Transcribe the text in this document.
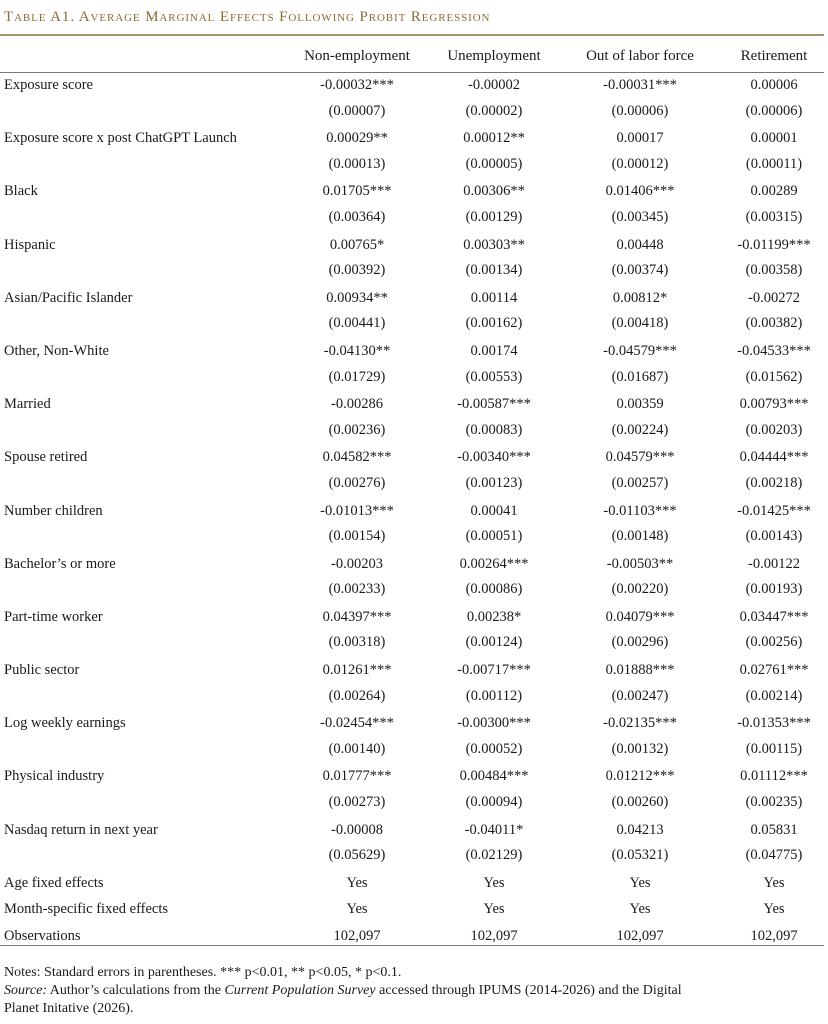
Table A1. Average Marginal Effects Following Probit Regression
Non-employment	Unemployment	Out of labor force	Retirement
Exposure score	-0.00032***	-0.00002	-0.00031***	0.00006
(0.00007)	(0.00002)	(0.00006)	(0.00006)
Exposure score x post ChatGPT Launch	0.00029**	0.00012**	0.00017	0.00001
(0.00013)	(0.00005)	(0.00012)	(0.00011)
Black	0.01705***	0.00306**	0.01406***	0.00289
(0.00364)	(0.00129)	(0.00345)	(0.00315)
Hispanic	0.00765*	0.00303**	0.00448	-0.01199***
(0.00392)	(0.00134)	(0.00374)	(0.00358)
Asian/Pacific Islander	0.00934**	0.00114	0.00812*	-0.00272
(0.00441)	(0.00162)	(0.00418)	(0.00382)
Other, Non-White	-0.04130**	0.00174	-0.04579***	-0.04533***
(0.01729)	(0.00553)	(0.01687)	(0.01562)
Married	-0.00286	-0.00587***	0.00359	0.00793***
(0.00236)	(0.00083)	(0.00224)	(0.00203)
Spouse retired	0.04582***	-0.00340***	0.04579***	0.04444***
(0.00276)	(0.00123)	(0.00257)	(0.00218)
Number children	-0.01013***	0.00041	-0.01103***	-0.01425***
(0.00154)	(0.00051)	(0.00148)	(0.00143)
Bachelor’s or more	-0.00203	0.00264***	-0.00503**	-0.00122
(0.00233)	(0.00086)	(0.00220)	(0.00193)
Part-time worker	0.04397***	0.00238*	0.04079***	0.03447***
(0.00318)	(0.00124)	(0.00296)	(0.00256)
Public sector	0.01261***	-0.00717***	0.01888***	0.02761***
(0.00264)	(0.00112)	(0.00247)	(0.00214)
Log weekly earnings	-0.02454***	-0.00300***	-0.02135***	-0.01353***
(0.00140)	(0.00052)	(0.00132)	(0.00115)
Physical industry	0.01777***	0.00484***	0.01212***	0.01112***
(0.00273)	(0.00094)	(0.00260)	(0.00235)
Nasdaq return in next year	-0.00008	-0.04011*	0.04213	0.05831
(0.05629)	(0.02129)	(0.05321)	(0.04775)
Age fixed effects	Yes	Yes	Yes	Yes
Month-specific fixed effects	Yes	Yes	Yes	Yes
Observations	102,097	102,097	102,097	102,097
Notes: Standard errors in parentheses. *** p<0.01, ** p<0.05, * p<0.1.
Source: Author’s calculations from the Current Population Survey accessed through IPUMS (2014-2026) and the Digital
Planet Initative (2026).
